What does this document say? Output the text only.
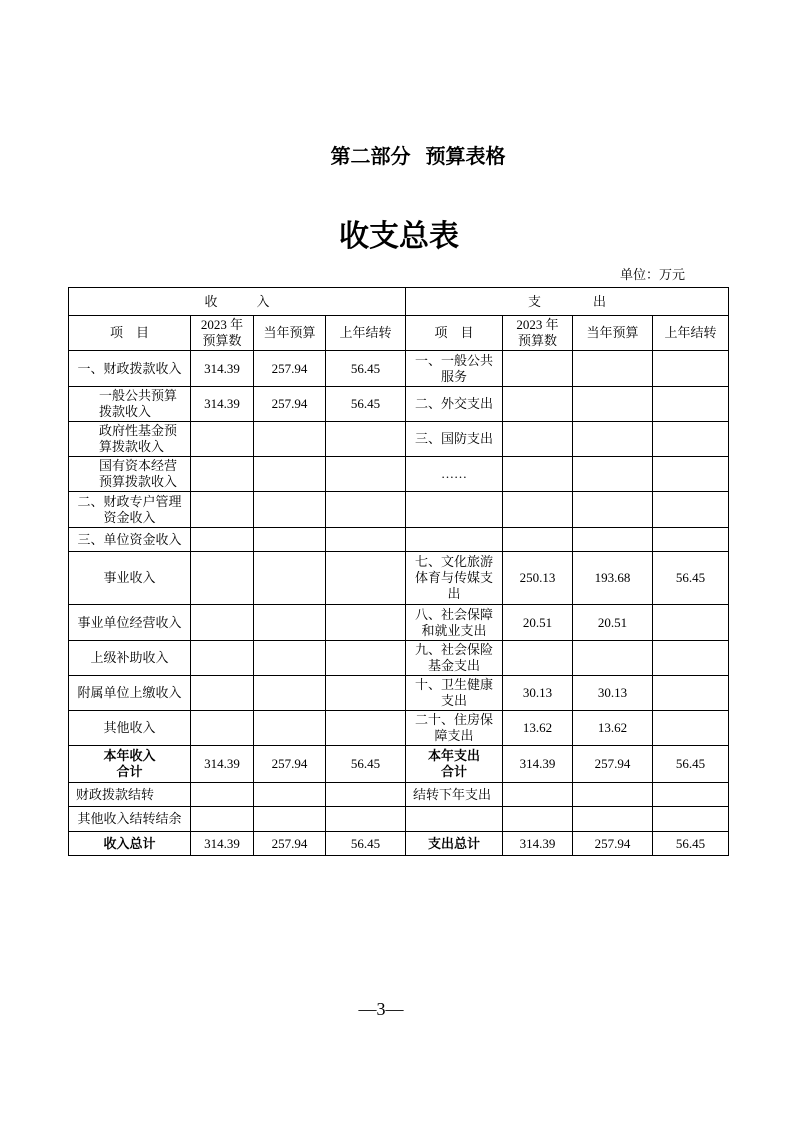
第二部分 预算表格
收支总表
单位：万元
收　　　入				支　　　　出			
项　目	2023 年预算数	当年预算	上年结转	项　目	2023 年预算数	当年预算	上年结转
一、财政拨款收入	314.39	257.94	56.45	一、一般公共服务			
一般公共预算拨款收入	314.39	257.94	56.45	二、外交支出			
政府性基金预算拨款收入				三、国防支出			
国有资本经营预算拨款收入				……			
二、财政专户管理资金收入							
三、单位资金收入							
事业收入				七、文化旅游体育与传媒支出	250.13	193.68	56.45
事业单位经营收入				八、社会保障和就业支出	20.51	20.51	
上级补助收入				九、社会保险基金支出			
附属单位上缴收入				十、卫生健康支出	30.13	30.13	
其他收入				二十、住房保障支出	13.62	13.62	
本年收入合计	314.39	257.94	56.45	本年支出合计	314.39	257.94	56.45
财政拨款结转				结转下年支出			
其他收入结转结余							
收入总计	314.39	257.94	56.45	支出总计	314.39	257.94	56.45
—3—
